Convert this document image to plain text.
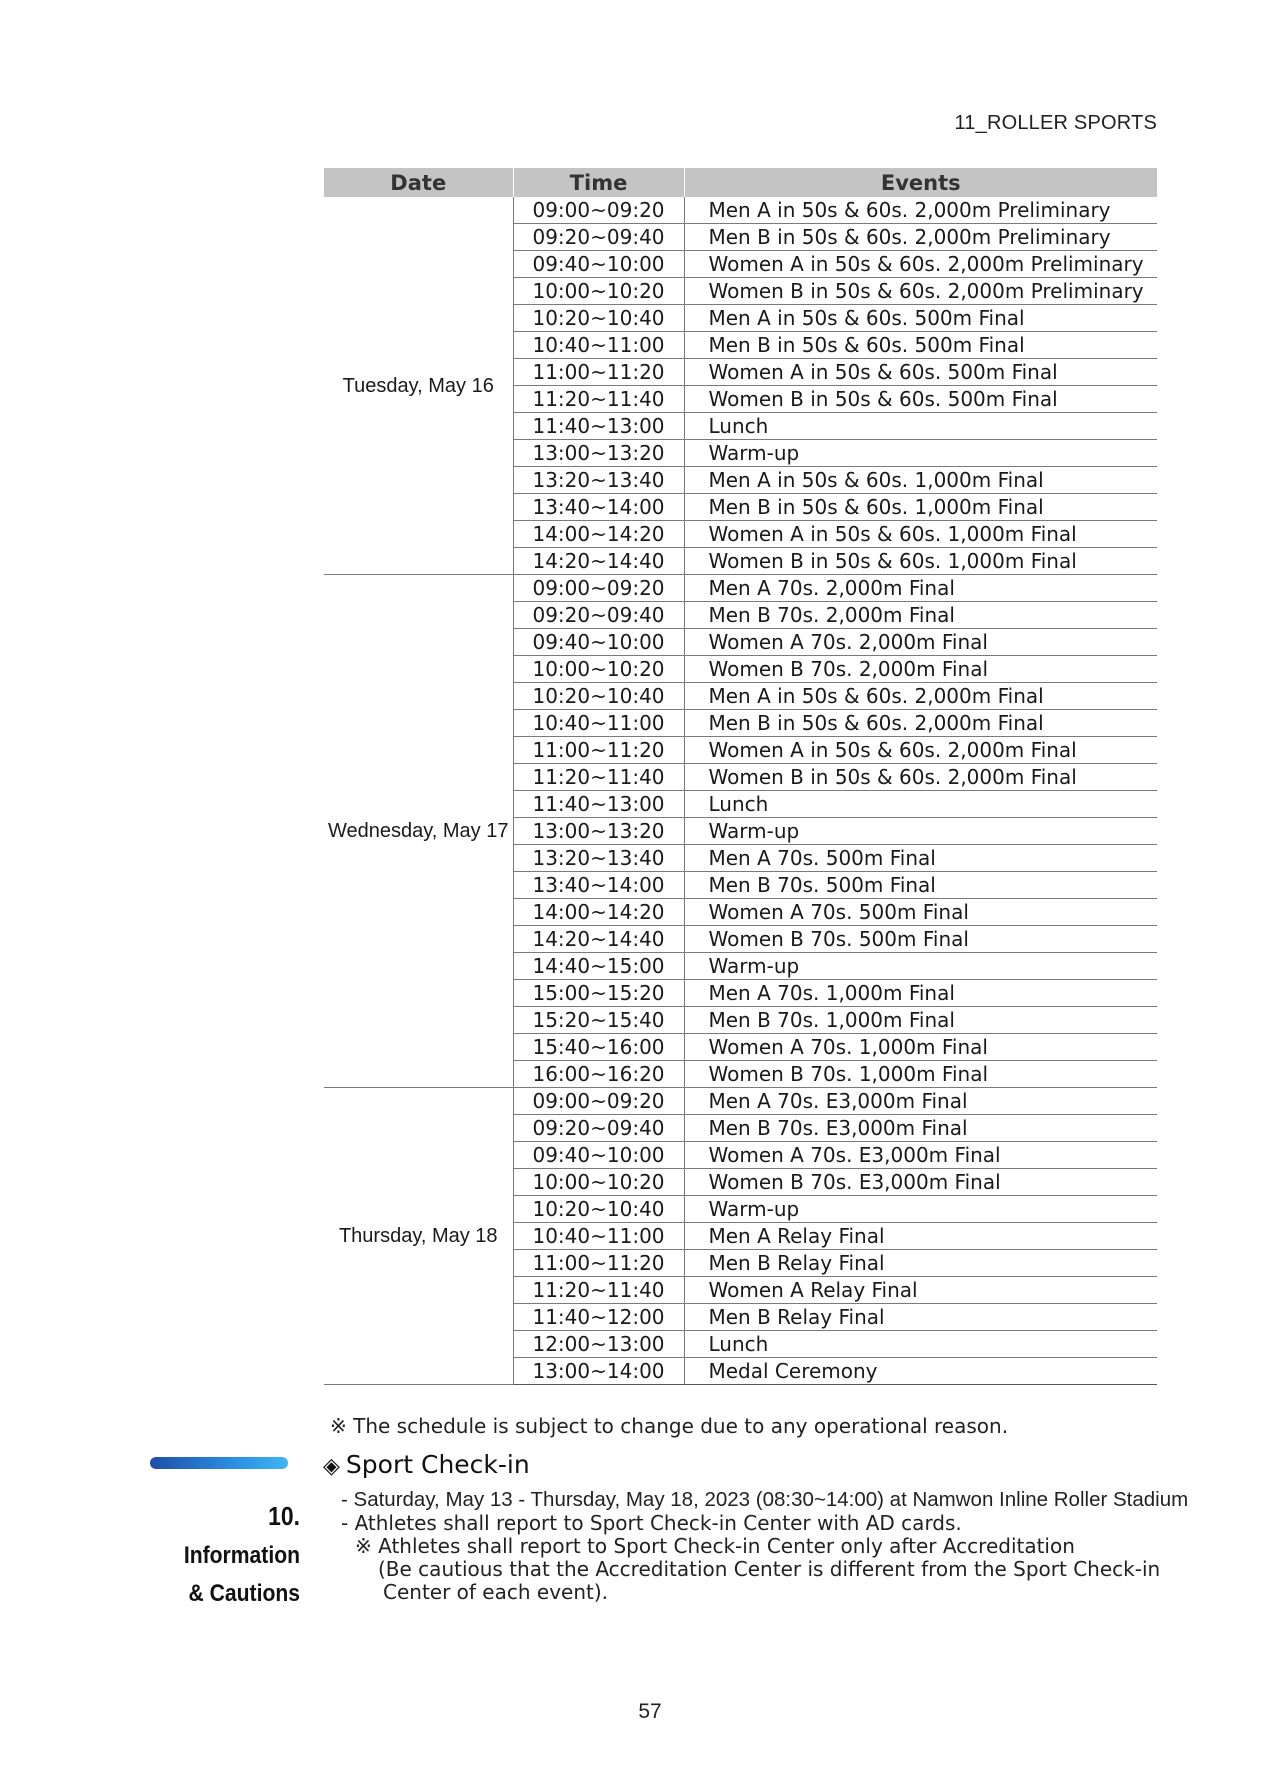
11_ROLLER SPORTS
Date	Time	Events
Tuesday, May 16	09:00~09:20	Men A in 50s & 60s. 2,000m Preliminary
	09:20~09:40	Men B in 50s & 60s. 2,000m Preliminary
	09:40~10:00	Women A in 50s & 60s. 2,000m Preliminary
	10:00~10:20	Women B in 50s & 60s. 2,000m Preliminary
	10:20~10:40	Men A in 50s & 60s. 500m Final
	10:40~11:00	Men B in 50s & 60s. 500m Final
	11:00~11:20	Women A in 50s & 60s. 500m Final
	11:20~11:40	Women B in 50s & 60s. 500m Final
	11:40~13:00	Lunch
	13:00~13:20	Warm-up
	13:20~13:40	Men A in 50s & 60s. 1,000m Final
	13:40~14:00	Men B in 50s & 60s. 1,000m Final
	14:00~14:20	Women A in 50s & 60s. 1,000m Final
	14:20~14:40	Women B in 50s & 60s. 1,000m Final
Wednesday, May 17	09:00~09:20	Men A 70s. 2,000m Final
	09:20~09:40	Men B 70s. 2,000m Final
	09:40~10:00	Women A 70s. 2,000m Final
	10:00~10:20	Women B 70s. 2,000m Final
	10:20~10:40	Men A in 50s & 60s. 2,000m Final
	10:40~11:00	Men B in 50s & 60s. 2,000m Final
	11:00~11:20	Women A in 50s & 60s. 2,000m Final
	11:20~11:40	Women B in 50s & 60s. 2,000m Final
	11:40~13:00	Lunch
	13:00~13:20	Warm-up
	13:20~13:40	Men A 70s. 500m Final
	13:40~14:00	Men B 70s. 500m Final
	14:00~14:20	Women A 70s. 500m Final
	14:20~14:40	Women B 70s. 500m Final
	14:40~15:00	Warm-up
	15:00~15:20	Men A 70s. 1,000m Final
	15:20~15:40	Men B 70s. 1,000m Final
	15:40~16:00	Women A 70s. 1,000m Final
	16:00~16:20	Women B 70s. 1,000m Final
Thursday, May 18	09:00~09:20	Men A 70s. E3,000m Final
	09:20~09:40	Men B 70s. E3,000m Final
	09:40~10:00	Women A 70s. E3,000m Final
	10:00~10:20	Women B 70s. E3,000m Final
	10:20~10:40	Warm-up
	10:40~11:00	Men A Relay Final
	11:00~11:20	Men B Relay Final
	11:20~11:40	Women A Relay Final
	11:40~12:00	Men B Relay Final
	12:00~13:00	Lunch
	13:00~14:00	Medal Ceremony
※ The schedule is subject to change due to any operational reason.
10. Information
& Cautions
◈ Sport Check-in
- Saturday, May 13 - Thursday, May 18, 2023 (08:30~14:00) at Namwon Inline Roller Stadium
- Athletes shall report to Sport Check-in Center with AD cards.
※ Athletes shall report to Sport Check-in Center only after Accreditation
(Be cautious that the Accreditation Center is different from the Sport Check-in
Center of each event).
57
